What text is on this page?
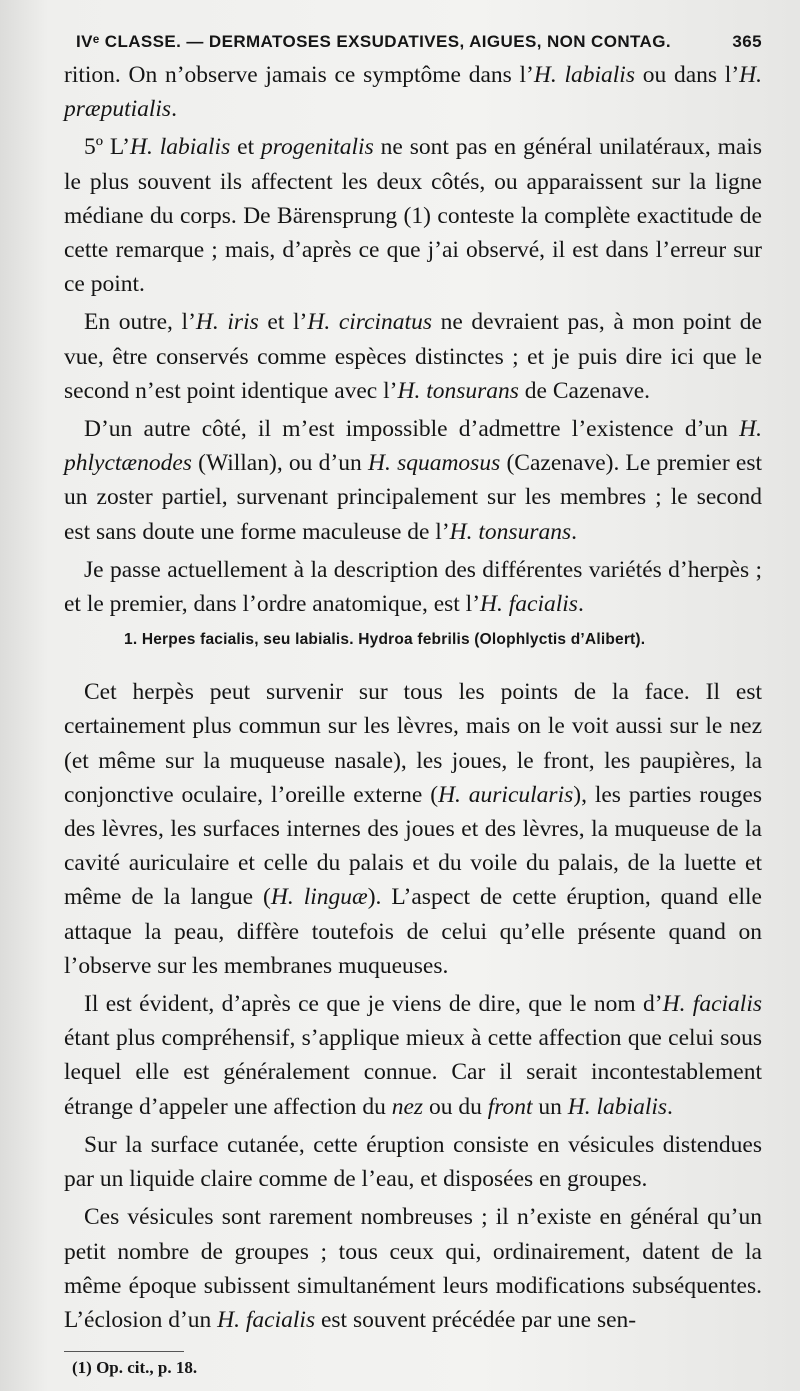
IVᵉ CLASSE. — DERMATOSES EXSUDATIVES, AIGUES, NON CONTAG.	365

rition. On n’observe jamais ce symptôme dans l’H. labialis ou dans l’H. præputialis.

5º L’H. labialis et progenitalis ne sont pas en général unilatéraux, mais le plus souvent ils affectent les deux côtés, ou apparaissent sur la ligne médiane du corps. De Bärensprung (1) conteste la complète exactitude de cette remarque ; mais, d’après ce que j’ai observé, il est dans l’erreur sur ce point.

En outre, l’H. iris et l’H. circinatus ne devraient pas, à mon point de vue, être conservés comme espèces distinctes ; et je puis dire ici que le second n’est point identique avec l’H. tonsurans de Cazenave.

D’un autre côté, il m’est impossible d’admettre l’existence d’un H. phlyctænodes (Willan), ou d’un H. squamosus (Cazenave). Le premier est un zoster partiel, survenant principalement sur les membres ; le second est sans doute une forme maculeuse de l’H. tonsurans.

Je passe actuellement à la description des différentes variétés d’herpès ; et le premier, dans l’ordre anatomique, est l’H. facialis.

1. Herpes facialis, seu labialis. Hydroa febrilis (Olophlyctis d’Alibert).

Cet herpès peut survenir sur tous les points de la face. Il est certainement plus commun sur les lèvres, mais on le voit aussi sur le nez (et même sur la muqueuse nasale), les joues, le front, les paupières, la conjonctive oculaire, l’oreille externe (H. auricularis), les parties rouges des lèvres, les surfaces internes des joues et des lèvres, la muqueuse de la cavité auriculaire et celle du palais et du voile du palais, de la luette et même de la langue (H. linguæ). L’aspect de cette éruption, quand elle attaque la peau, diffère toutefois de celui qu’elle présente quand on l’observe sur les membranes muqueuses.

Il est évident, d’après ce que je viens de dire, que le nom d’H. facialis étant plus compréhensif, s’applique mieux à cette affection que celui sous lequel elle est généralement connue. Car il serait incontestablement étrange d’appeler une affection du nez ou du front un H. labialis.

Sur la surface cutanée, cette éruption consiste en vésicules distendues par un liquide claire comme de l’eau, et disposées en groupes.

Ces vésicules sont rarement nombreuses ; il n’existe en général qu’un petit nombre de groupes ; tous ceux qui, ordinairement, datent de la même époque subissent simultanément leurs modifications subséquentes. L’éclosion d’un H. facialis est souvent précédée par une sen-

(1) Op. cit., p. 18.
